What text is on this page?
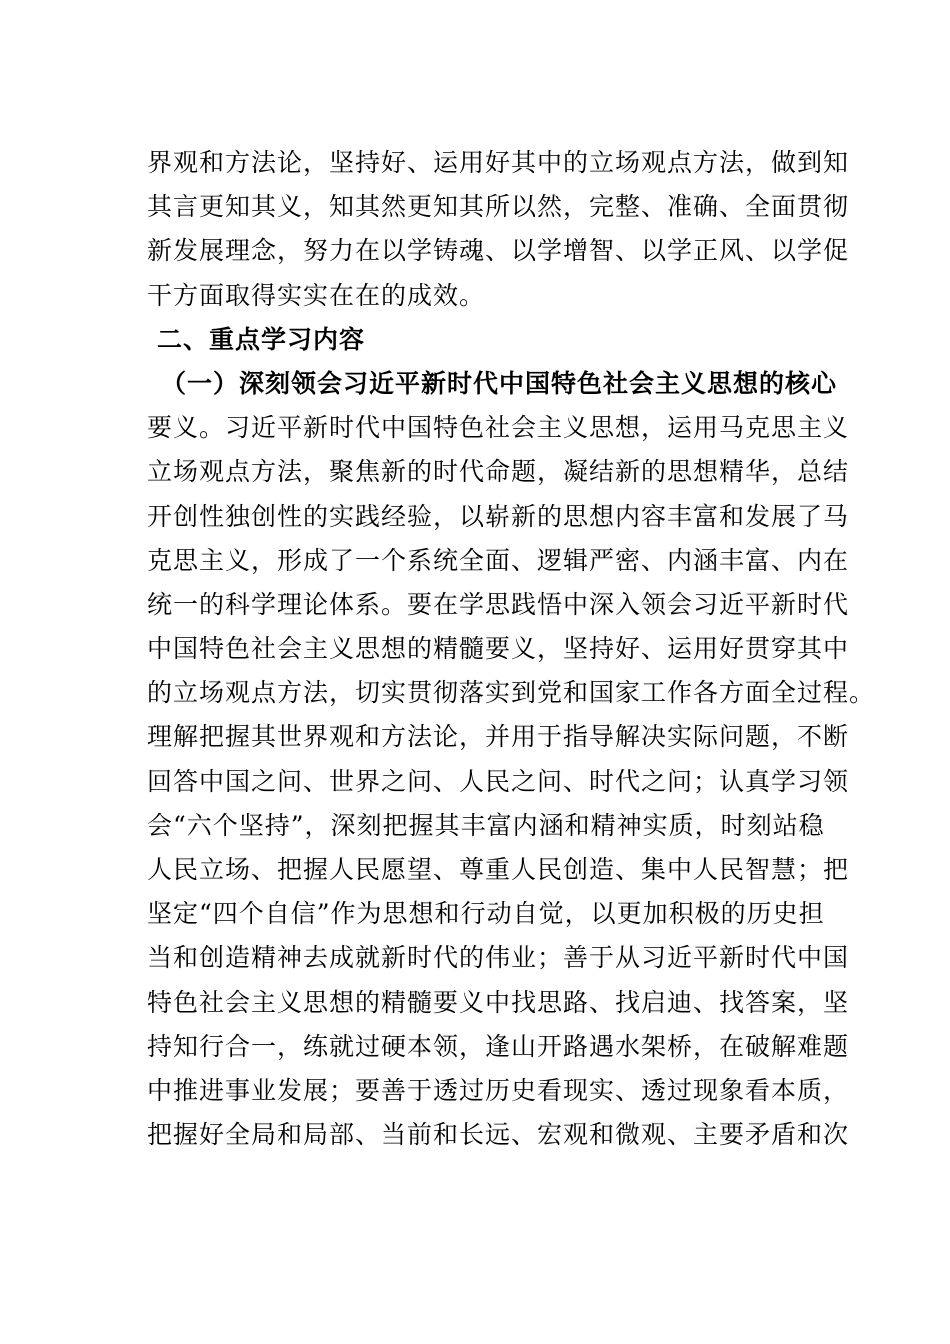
界观和方法论，坚持好、运用好其中的立场观点方法，做到知
其言更知其义，知其然更知其所以然，完整、准确、全面贯彻
新发展理念，努力在以学铸魂、以学增智、以学正风、以学促
干方面取得实实在在的成效。
二、重点学习内容
（一）深刻领会习近平新时代中国特色社会主义思想的核心
要义。习近平新时代中国特色社会主义思想，运用马克思主义
立场观点方法，聚焦新的时代命题，凝结新的思想精华，总结
开创性独创性的实践经验，以崭新的思想内容丰富和发展了马
克思主义，形成了一个系统全面、逻辑严密、内涵丰富、内在
统一的科学理论体系。要在学思践悟中深入领会习近平新时代
中国特色社会主义思想的精髓要义，坚持好、运用好贯穿其中
的立场观点方法，切实贯彻落实到党和国家工作各方面全过程。
理解把握其世界观和方法论，并用于指导解决实际问题，不断
回答中国之问、世界之问、人民之问、时代之问；认真学习领
会“六个坚持”，深刻把握其丰富内涵和精神实质，时刻站稳
人民立场、把握人民愿望、尊重人民创造、集中人民智慧；把
坚定“四个自信”作为思想和行动自觉，以更加积极的历史担
当和创造精神去成就新时代的伟业；善于从习近平新时代中国
特色社会主义思想的精髓要义中找思路、找启迪、找答案，坚
持知行合一，练就过硬本领，逢山开路遇水架桥，在破解难题
中推进事业发展；要善于透过历史看现实、透过现象看本质，
把握好全局和局部、当前和长远、宏观和微观、主要矛盾和次
